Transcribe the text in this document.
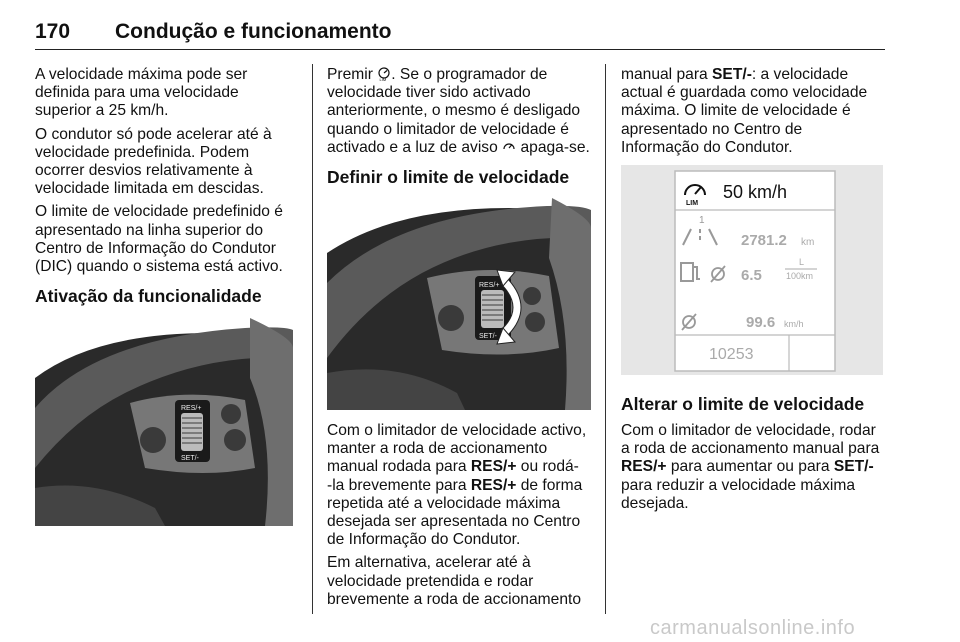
170 Condução e funcionamento

A velocidade máxima pode ser
definida para uma velocidade
superior a 25 km/h.

O condutor só pode acelerar até à
velocidade predefinida. Podem
ocorrer desvios relativamente à
velocidade limitada em descidas.

O limite de velocidade predefinido é
apresentado na linha superior do
Centro de Informação do Condutor
(DIC) quando o sistema está activo.

Ativação da funcionalidade
RES/+
SET/-

Premir LIM . Se o programador de
velocidade tiver sido activado
anteriormente, o mesmo é desligado
quando o limitador de velocidade é
activado e a luz de aviso apaga-se.

Definir o limite de velocidade
RES/+
SET/-

Com o limitador de velocidade activo,
manter a roda de accionamento
manual rodada para RES/+ ou rodá-
-la brevemente para RES/+ de forma
repetida até a velocidade máxima
desejada ser apresentada no Centro
de Informação do Condutor.

Em alternativa, acelerar até à
velocidade pretendida e rodar
brevemente a roda de accionamento

manual para SET/-: a velocidade
actual é guardada como velocidade
máxima. O limite de velocidade é
apresentado no Centro de
Informação do Condutor.

LIM
50 km/h
1
2781.2 km
6.5
L
100km
99.6 km/h
10253
Alterar o limite de velocidade

Com o limitador de velocidade, rodar
a roda de accionamento manual para
RES/+ para aumentar ou para SET/-
para reduzir a velocidade máxima
desejada.

carmanualsonline.info
